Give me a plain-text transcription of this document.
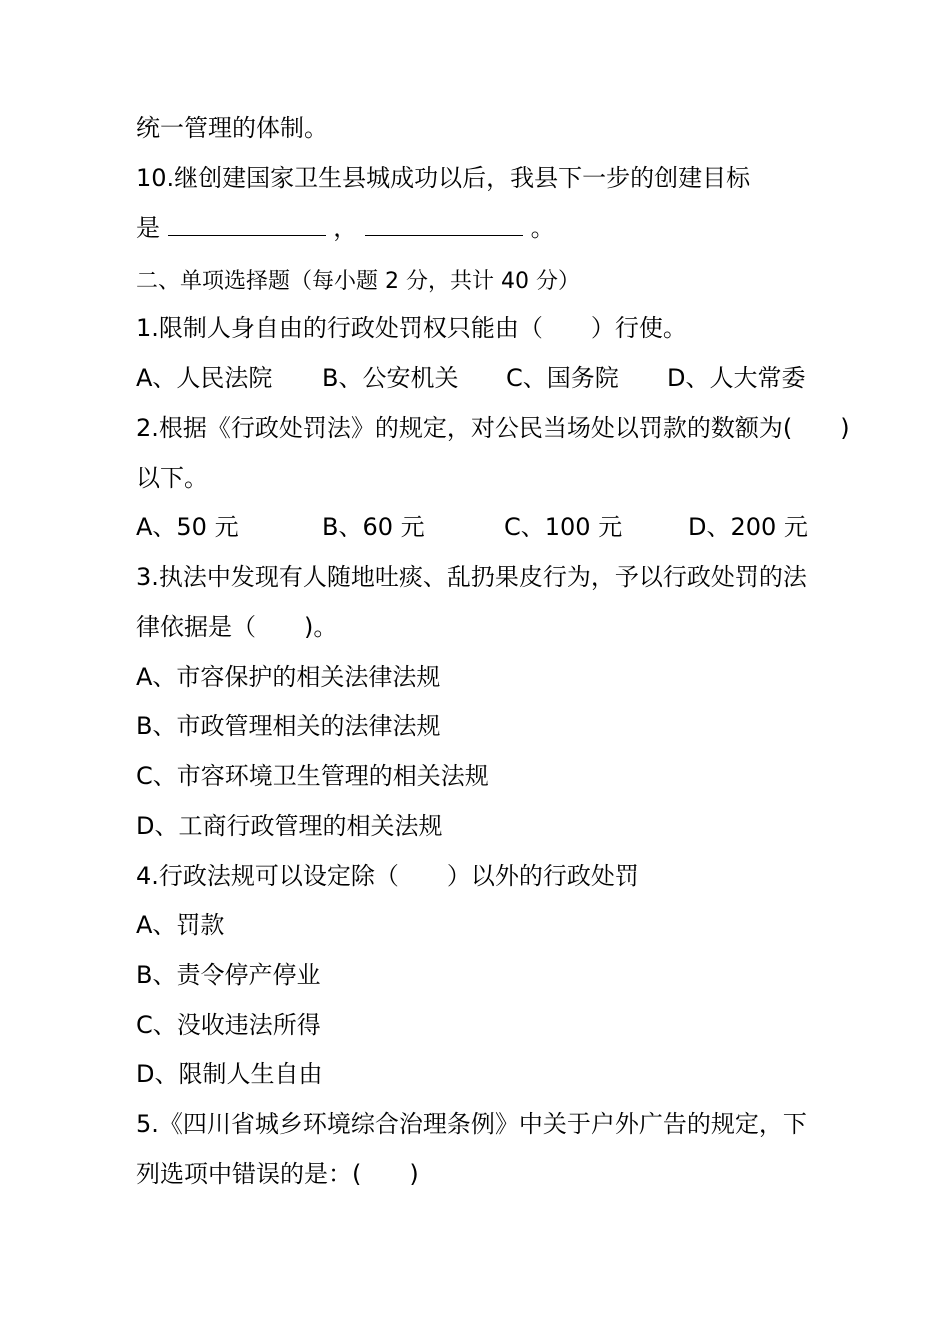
统一管理的体制。
10.继创建国家卫生县城成功以后，我县下一步的创建目标
是	，	。
二、单项选择题（每小题 2 分，共计 40 分）
1.限制人身自由的行政处罚权只能由（　　）行使。
A、人民法院 B、公安机关 C、国务院 D、人大常委
2.根据《行政处罚法》的规定，对公民当场处以罚款的数额为(　　)
以下。
A、50 元	B、60 元	C、100 元	D、200 元
3.执法中发现有人随地吐痰、乱扔果皮行为，予以行政处罚的法
律依据是（　　)。
A、市容保护的相关法律法规
B、市政管理相关的法律法规
C、市容环境卫生管理的相关法规
D、工商行政管理的相关法规
4.行政法规可以设定除（　　）以外的行政处罚
A、罚款
B、责令停产停业
C、没收违法所得
D、限制人生自由
5.《四川省城乡环境综合治理条例》中关于户外广告的规定，下
列选项中错误的是：(　　)
